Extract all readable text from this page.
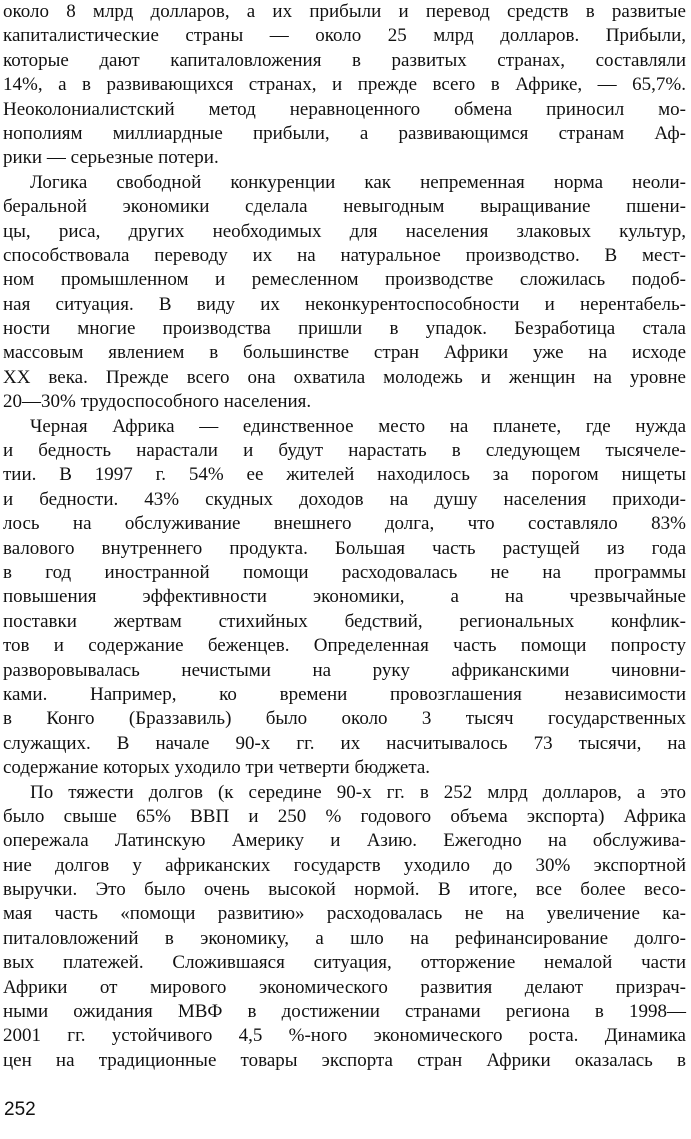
около 8 млрд долларов, а их прибыли и перевод средств в развитые
капиталистические страны — около 25 млрд долларов. Прибыли,
которые дают капиталовложения в развитых странах, составляли
14%, а в развивающихся странах, и прежде всего в Африке, — 65,7%.
Неоколониалистский метод неравноценного обмена приносил мо-
нополиям миллиардные прибыли, а развивающимся странам Аф-
рики — серьезные потери.
Логика свободной конкуренции как непременная норма неоли-
беральной экономики сделала невыгодным выращивание пшени-
цы, риса, других необходимых для населения злаковых культур,
способствовала переводу их на натуральное производство. В мест-
ном промышленном и ремесленном производстве сложилась подоб-
ная ситуация. В виду их неконкурентоспособности и нерентабель-
ности многие производства пришли в упадок. Безработица стала
массовым явлением в большинстве стран Африки уже на исходе
XX века. Прежде всего она охватила молодежь и женщин на уровне
20—30% трудоспособного населения.
Черная Африка — единственное место на планете, где нужда
и бедность нарастали и будут нарастать в следующем тысячеле-
тии. В 1997 г. 54% ее жителей находилось за порогом нищеты
и бедности. 43% скудных доходов на душу населения приходи-
лось на обслуживание внешнего долга, что составляло 83%
валового внутреннего продукта. Большая часть растущей из года
в год иностранной помощи расходовалась не на программы
повышения эффективности экономики, а на чрезвычайные
поставки жертвам стихийных бедствий, региональных конфлик-
тов и содержание беженцев. Определенная часть помощи попросту
разворовывалась нечистыми на руку африканскими чиновни-
ками. Например, ко времени провозглашения независимости
в Конго (Браззавиль) было около 3 тысяч государственных
служащих. В начале 90-х гг. их насчитывалось 73 тысячи, на
содержание которых уходило три четверти бюджета.
По тяжести долгов (к середине 90-х гг. в 252 млрд долларов, а это
было свыше 65% ВВП и 250 % годового объема экспорта) Африка
опережала Латинскую Америку и Азию. Ежегодно на обслужива-
ние долгов у африканских государств уходило до 30% экспортной
выручки. Это было очень высокой нормой. В итоге, все более весо-
мая часть «помощи развитию» расходовалась не на увеличение ка-
питаловложений в экономику, а шло на рефинансирование долго-
вых платежей. Сложившаяся ситуация, отторжение немалой части
Африки от мирового экономического развития делают призрач-
ными ожидания МВФ в достижении странами региона в 1998—
2001 гг. устойчивого 4,5 %-ного экономического роста. Динамика
цен на традиционные товары экспорта стран Африки оказалась в
252
